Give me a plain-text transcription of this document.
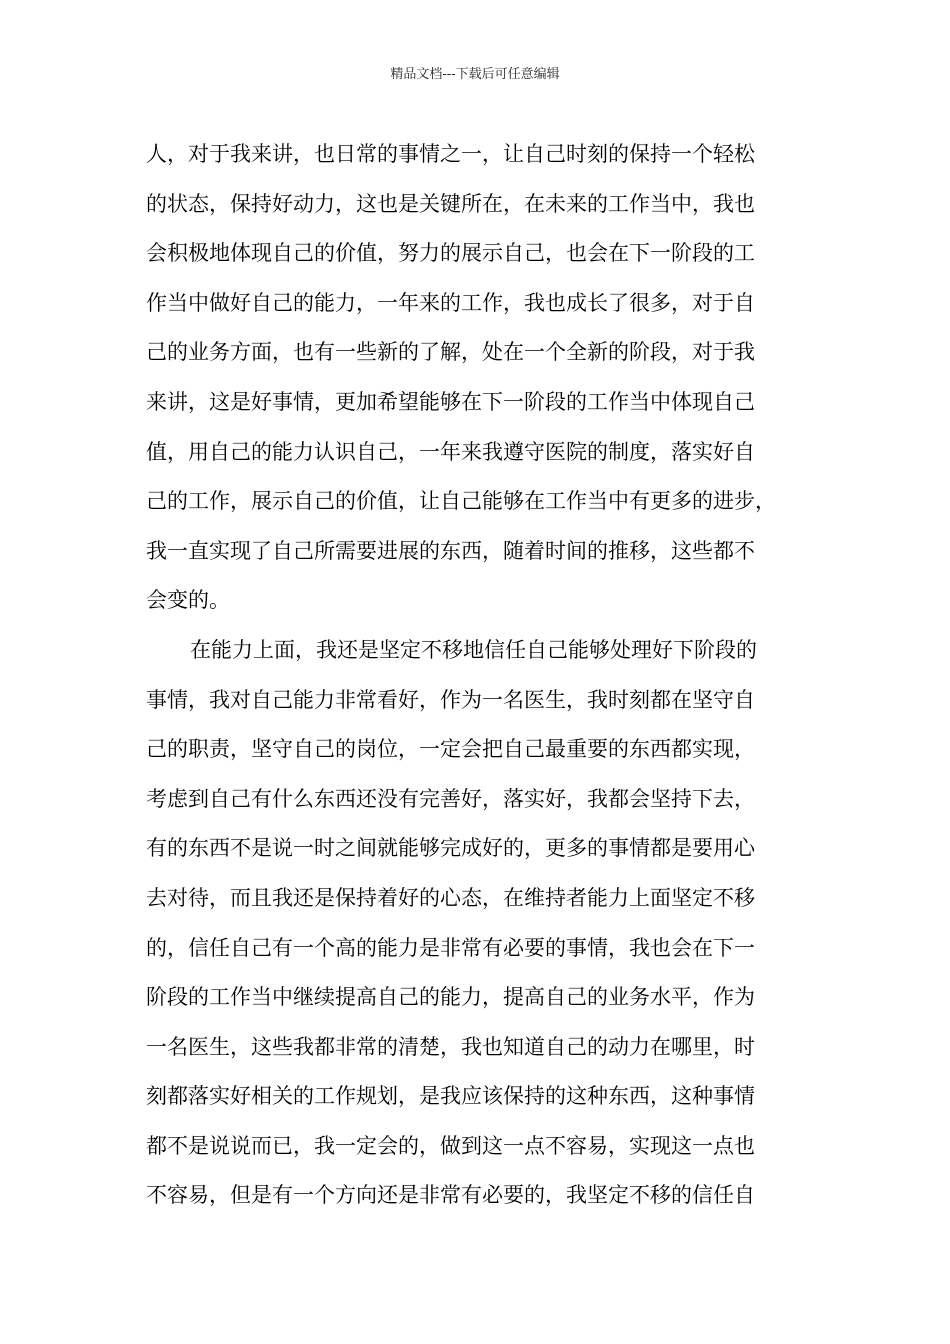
精品文档---下载后可任意编辑
人，对于我来讲，也日常的事情之一，让自己时刻的保持一个轻松
的状态，保持好动力，这也是关键所在，在未来的工作当中，我也
会积极地体现自己的价值，努力的展示自己，也会在下一阶段的工
作当中做好自己的能力，一年来的工作，我也成长了很多，对于自
己的业务方面，也有一些新的了解，处在一个全新的阶段，对于我
来讲，这是好事情，更加希望能够在下一阶段的工作当中体现自己
值，用自己的能力认识自己，一年来我遵守医院的制度，落实好自
己的工作，展示自己的价值，让自己能够在工作当中有更多的进步，
我一直实现了自己所需要进展的东西，随着时间的推移，这些都不
会变的。
在能力上面，我还是坚定不移地信任自己能够处理好下阶段的
事情，我对自己能力非常看好，作为一名医生，我时刻都在坚守自
己的职责，坚守自己的岗位，一定会把自己最重要的东西都实现，
考虑到自己有什么东西还没有完善好，落实好，我都会坚持下去，
有的东西不是说一时之间就能够完成好的，更多的事情都是要用心
去对待，而且我还是保持着好的心态，在维持者能力上面坚定不移
的，信任自己有一个高的能力是非常有必要的事情，我也会在下一
阶段的工作当中继续提高自己的能力，提高自己的业务水平，作为
一名医生，这些我都非常的清楚，我也知道自己的动力在哪里，时
刻都落实好相关的工作规划，是我应该保持的这种东西，这种事情
都不是说说而已，我一定会的，做到这一点不容易，实现这一点也
不容易，但是有一个方向还是非常有必要的，我坚定不移的信任自
